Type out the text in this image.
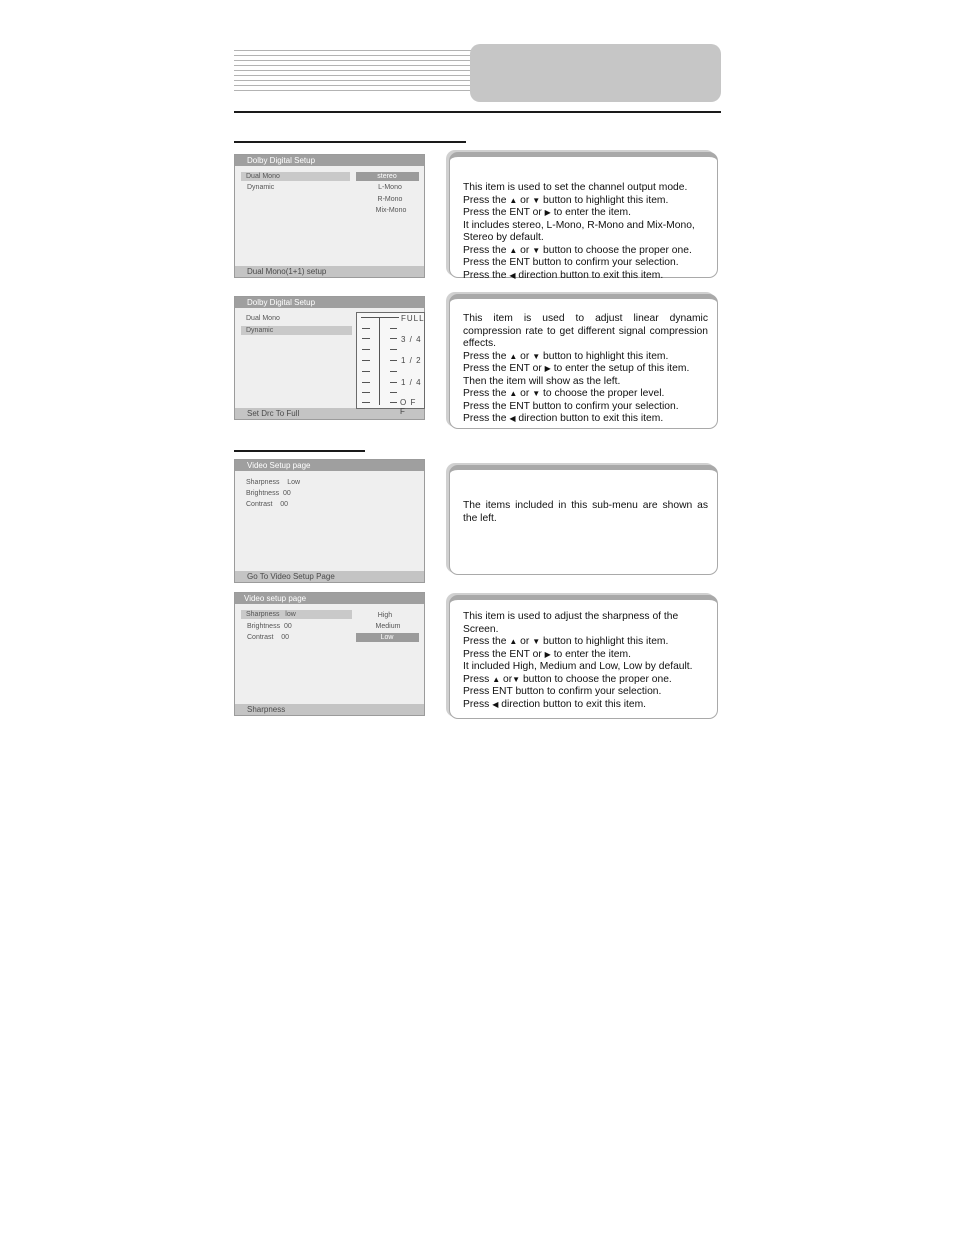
Dolby Digital Setup
Dual Mono
Dynamic
stereo
L-Mono
R-Mono
Mix-Mono
Dual Mono(1+1) setup

This item is used to set the channel output mode.

Press the ▲ or ▼ button to highlight this item.

Press the ENT or ▶ to enter the item.

It includes stereo, L-Mono, R-Mono and Mix-Mono, Stereo by default.

Press the ▲ or ▼ button to choose the proper one.

Press the ENT button to confirm your selection.

Press the ◀ direction button to exit this item.

Dolby Digital Setup
Dual Mono
Dynamic
Set Drc To Full
FULL
3 / 4
1 / 2
1 / 4
O F F

This item is used to adjust linear dynamic compression rate to get different signal compression effects.

Press the ▲ or ▼ button to highlight this item.

Press the ENT or ▶ to enter the setup of this item.

Then the item will show as the left.

Press the ▲ or ▼ to choose the proper level.

Press the ENT button to confirm your selection.

Press the ◀ direction button to exit this item.

Video Setup page
Sharpness    Low
Brightness  00
Contrast    00
Go To Video Setup Page

The items included in this sub-menu are shown as the left.

Video setup page
Sharpness   low
Brightness  00
Contrast    00
High
Medium
Low
Sharpness

This item is used to adjust the sharpness of the Screen.

Press the ▲ or ▼ button to highlight this item.

Press the ENT or ▶ to enter the item.

It included High, Medium and Low, Low by default.

Press ▲ or▼ button to choose the proper one.

Press ENT button to confirm your selection.

Press ◀ direction button to exit this item.
